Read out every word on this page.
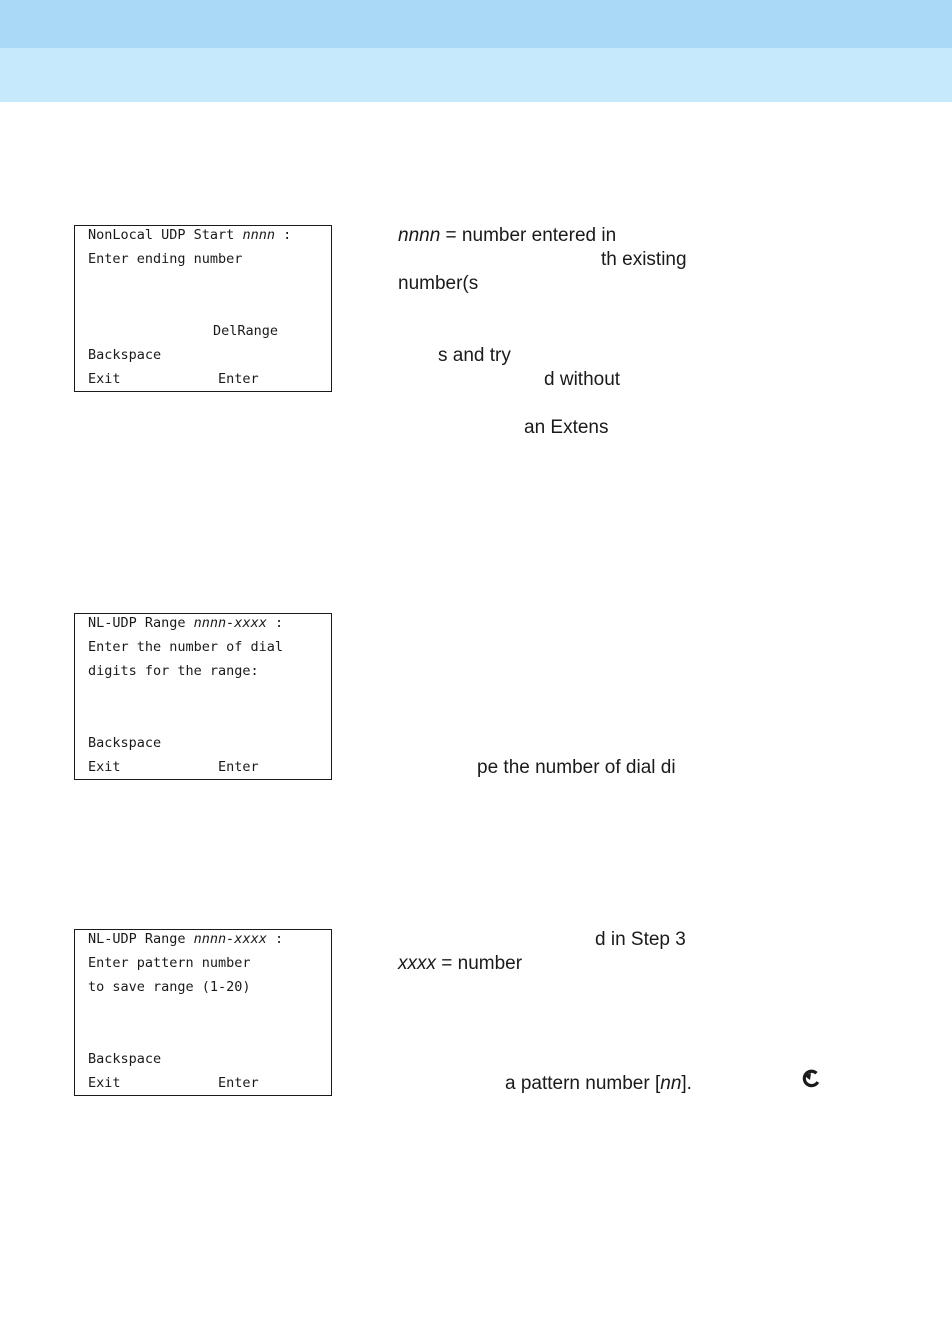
NonLocal UDP Start nnnn :
Enter ending number
DelRange
Backspace
Exit	Enter
NL-UDP Range nnnn-xxxx :
Enter the number of dial
digits for the range:
Backspace
Exit	Enter
NL-UDP Range nnnn-xxxx :
Enter pattern number
to save range (1-20)
Backspace
Exit	Enter
nnnn = number entered in
th existing
number(s
s and try
d without
an Extens
pe the number of dial di
d in Step 3
xxxx = number
a pattern number [nn].
